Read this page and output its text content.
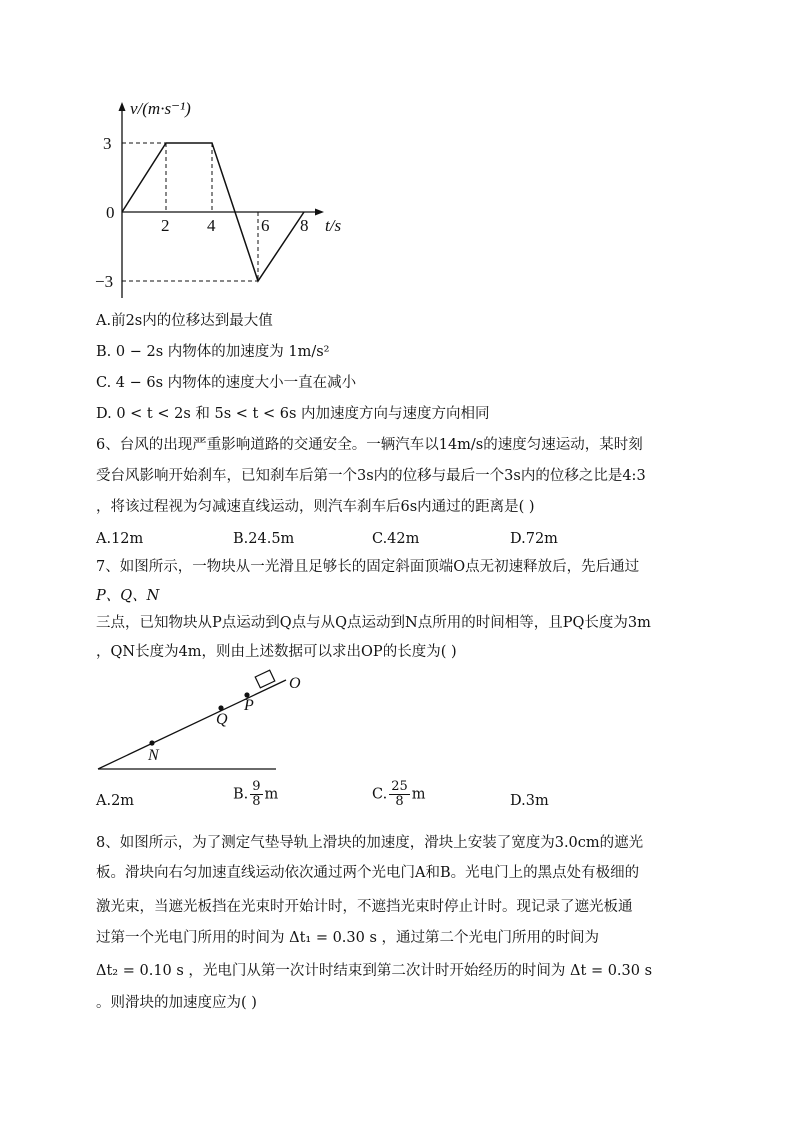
v/(m·s⁻¹)
3
0
−3
2 4	6 8 t/s
A.前2s内的位移达到最大值
B. 0 − 2s 内物体的加速度为 1m/s²
C. 4 − 6s 内物体的速度大小一直在减小
D. 0 < t < 2s 和 5s < t < 6s 内加速度方向与速度方向相同
6、台风的出现严重影响道路的交通安全。一辆汽车以14m/s的速度匀速运动，某时刻
受台风影响开始刹车，已知刹车后第一个3s内的位移与最后一个3s内的位移之比是4:3
，将该过程视为匀减速直线运动，则汽车刹车后6s内通过的距离是( )
A.12m	B.24.5m	C.42m	D.72m
7、如图所示，一物块从一光滑且足够长的固定斜面顶端O点无初速释放后，先后通过
P、Q、N
三点，已知物块从P点运动到Q点与从Q点运动到N点所用的时间相等，且PQ长度为3m
，QN长度为4m，则由上述数据可以求出OP的长度为( )
O
P
Q
N
A.2m	B. $\frac{9}{8}$ m	C. $\frac{25}{8}$ m	D.3m
8、如图所示，为了测定气垫导轨上滑块的加速度，滑块上安装了宽度为3.0cm的遮光
板。滑块向右匀加速直线运动依次通过两个光电门A和B。光电门上的黑点处有极细的
激光束，当遮光板挡在光束时开始计时，不遮挡光束时停止计时。现记录了遮光板通
过第一个光电门所用的时间为 Δt₁ = 0.30 s ，通过第二个光电门所用的时间为
Δt₂ = 0.10 s ，光电门从第一次计时结束到第二次计时开始经历的时间为 Δt = 0.30 s
。则滑块的加速度应为( )
